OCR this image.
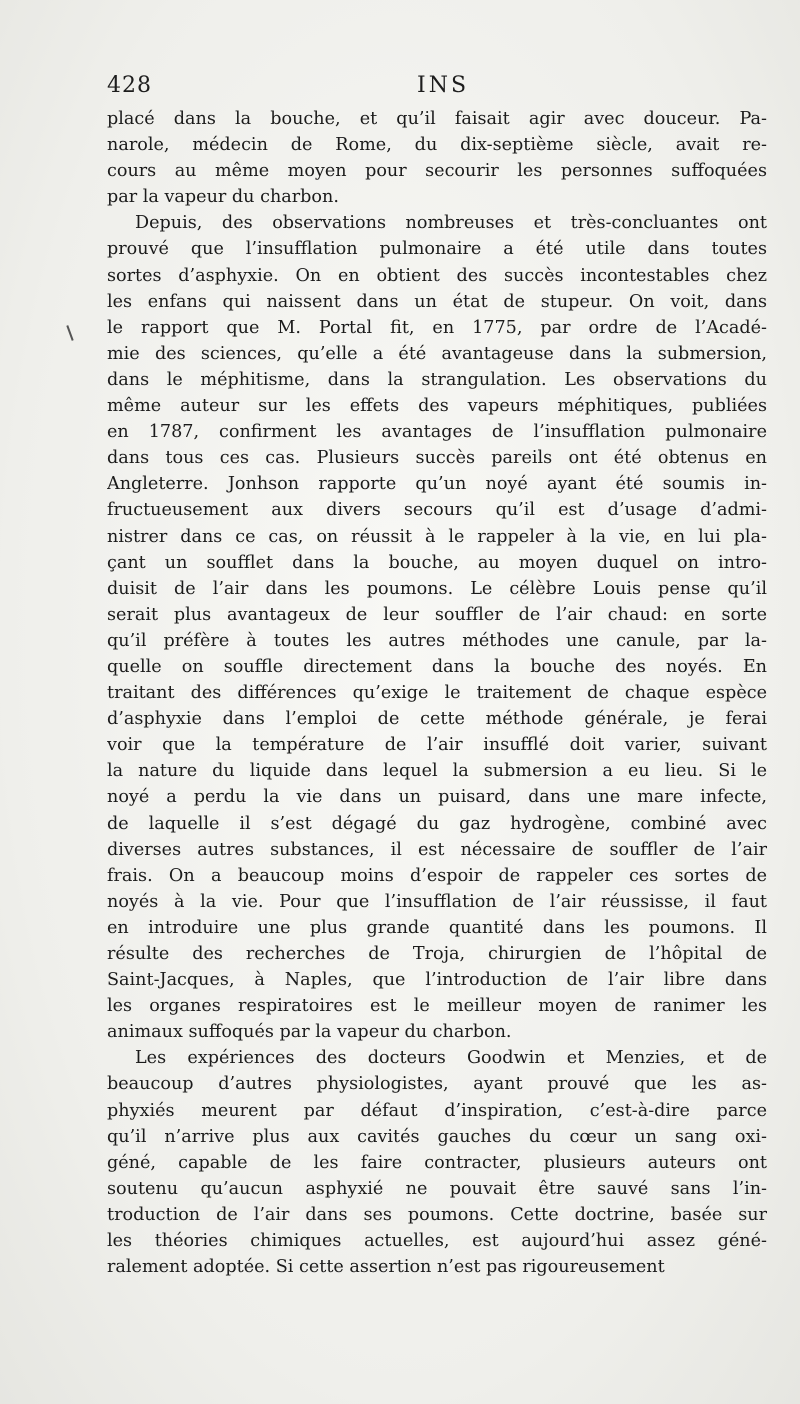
428	INS
placé dans la bouche, et qu’il faisait agir avec douceur. Pa-
narole, médecin de Rome, du dix-septième siècle, avait re-
cours au même moyen pour secourir les personnes suffoquées
par la vapeur du charbon.
Depuis, des observations nombreuses et très-concluantes ont
prouvé que l’insufflation pulmonaire a été utile dans toutes
sortes d’asphyxie. On en obtient des succès incontestables chez
les enfans qui naissent dans un état de stupeur. On voit, dans
le rapport que M. Portal fit, en 1775, par ordre de l’Acadé-
mie des sciences, qu’elle a été avantageuse dans la submersion,
dans le méphitisme, dans la strangulation. Les observations du
même auteur sur les effets des vapeurs méphitiques, publiées
en 1787, confirment les avantages de l’insufflation pulmonaire
dans tous ces cas. Plusieurs succès pareils ont été obtenus en
Angleterre. Jonhson rapporte qu’un noyé ayant été soumis in-
fructueusement aux divers secours qu’il est d’usage d’admi-
nistrer dans ce cas, on réussit à le rappeler à la vie, en lui pla-
çant un soufflet dans la bouche, au moyen duquel on intro-
duisit de l’air dans les poumons. Le célèbre Louis pense qu’il
serait plus avantageux de leur souffler de l’air chaud: en sorte
qu’il préfère à toutes les autres méthodes une canule, par la-
quelle on souffle directement dans la bouche des noyés. En
traitant des différences qu’exige le traitement de chaque espèce
d’asphyxie dans l’emploi de cette méthode générale, je ferai
voir que la température de l’air insufflé doit varier, suivant
la nature du liquide dans lequel la submersion a eu lieu. Si le
noyé a perdu la vie dans un puisard, dans une mare infecte,
de laquelle il s’est dégagé du gaz hydrogène, combiné avec
diverses autres substances, il est nécessaire de souffler de l’air
frais. On a beaucoup moins d’espoir de rappeler ces sortes de
noyés à la vie. Pour que l’insufflation de l’air réussisse, il faut
en introduire une plus grande quantité dans les poumons. Il
résulte des recherches de Troja, chirurgien de l’hôpital de
Saint-Jacques, à Naples, que l’introduction de l’air libre dans
les organes respiratoires est le meilleur moyen de ranimer les
animaux suffoqués par la vapeur du charbon.
Les expériences des docteurs Goodwin et Menzies, et de
beaucoup d’autres physiologistes, ayant prouvé que les as-
phyxiés meurent par défaut d’inspiration, c’est-à-dire parce
qu’il n’arrive plus aux cavités gauches du cœur un sang oxi-
géné, capable de les faire contracter, plusieurs auteurs ont
soutenu qu’aucun asphyxié ne pouvait être sauvé sans l’in-
troduction de l’air dans ses poumons. Cette doctrine, basée sur
les théories chimiques actuelles, est aujourd’hui assez géné-
ralement adoptée. Si cette assertion n’est pas rigoureusement
